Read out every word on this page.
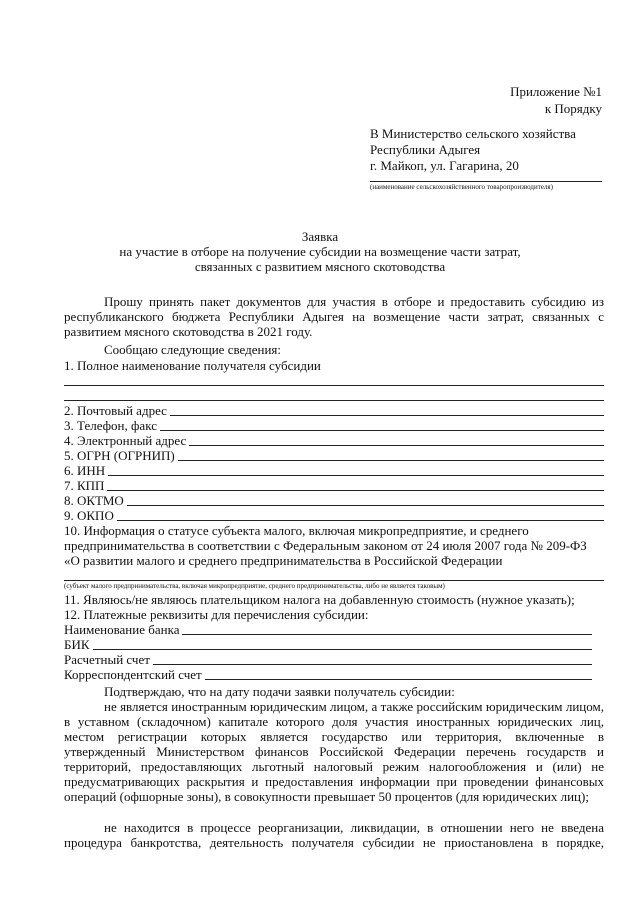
Приложение №1
к Порядку
В Министерство сельского хозяйства
Республики Адыгея
г. Майкоп, ул. Гагарина, 20
(наименование сельскохозяйственного товаропроизводителя)
Заявка
на участие в отборе на получение субсидии на возмещение части затрат,
связанных с развитием мясного скотоводства
Прошу принять пакет документов для участия в отборе и предоставить субсидию из республиканского бюджета Республики Адыгея на возмещение части затрат, связанных с развитием мясного скотоводства в 2021 году.
Сообщаю следующие сведения:
1. Полное наименование получателя субсидии
2. Почтовый адрес
3. Телефон, факс
4. Электронный адрес
5. ОГРН (ОГРНИП)
6. ИНН
7. КПП
8. ОКТМО
9. ОКПО
10. Информация о статусе субъекта малого, включая микропредприятие, и среднего
предпринимательства в соответствии с Федеральным законом от 24 июля 2007 года № 209-ФЗ
«О развитии малого и среднего предпринимательства в Российской Федерации
(субъект малого предпринимательства, включая микропредприятие, среднего предпринимательства, либо не является таковым)
11. Являюсь/не являюсь плательщиком налога на добавленную стоимость (нужное указать);
12. Платежные реквизиты для перечисления субсидии:
Наименование банка
БИК
Расчетный счет
Корреспондентский счет
Подтверждаю, что на дату подачи заявки получатель субсидии:
не является иностранным юридическим лицом, а также российским юридическим лицом, в уставном (складочном) капитале которого доля участия иностранных юридических лиц, местом регистрации которых является государство или территория, включенные в утвержденный Министерством финансов Российской Федерации перечень государств и территорий, предоставляющих льготный налоговый режим налогообложения и (или) не предусматривающих раскрытия и предоставления информации при проведении финансовых операций (офшорные зоны), в совокупности превышает 50 процентов (для юридических лиц);
не находится в процессе реорганизации, ликвидации, в отношении него не введена процедура банкротства, деятельность получателя субсидии не приостановлена в порядке,
